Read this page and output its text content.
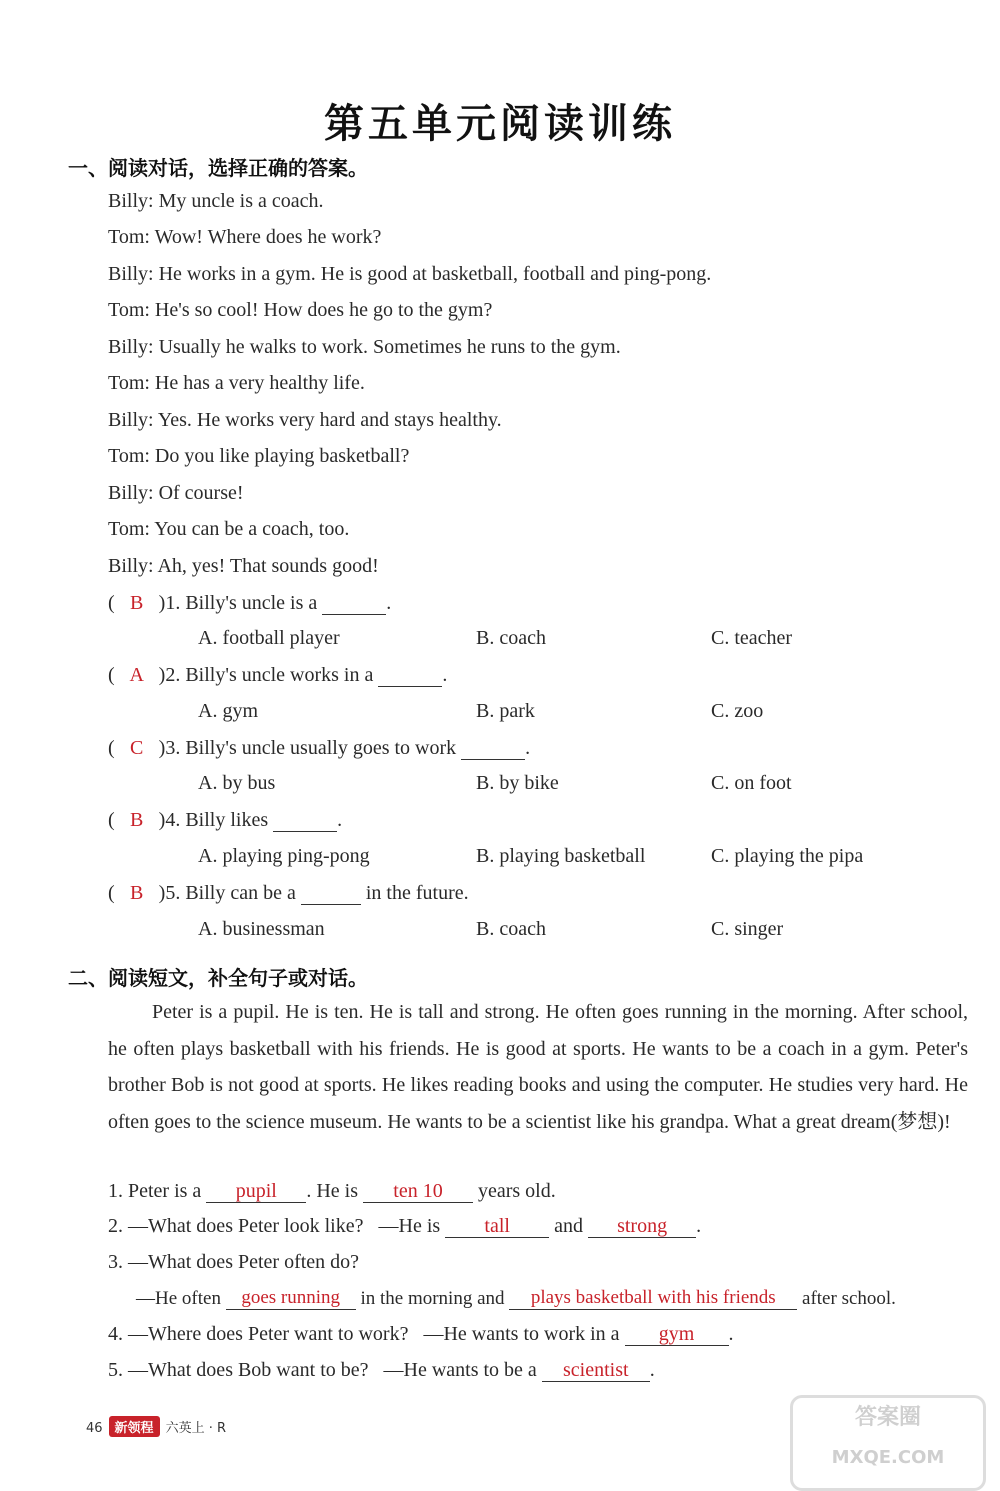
第五单元阅读训练
一、阅读对话，选择正确的答案。
Billy: My uncle is a coach.
Tom: Wow! Where does he work?
Billy: He works in a gym. He is good at basketball, football and ping-pong.
Tom: He's so cool! How does he go to the gym?
Billy: Usually he walks to work. Sometimes he runs to the gym.
Tom: He has a very healthy life.
Billy: Yes. He works very hard and stays healthy.
Tom: Do you like playing basketball?
Billy: Of course!
Tom: You can be a coach, too.
Billy: Ah, yes! That sounds good!
( B )1. Billy's uncle is a	.
A. football player	B. coach	C. teacher
( A )2. Billy's uncle works in a	.
A. gym	B. park	C. zoo
( C )3. Billy's uncle usually goes to work	.
A. by bus	B. by bike	C. on foot
( B )4. Billy likes	.
A. playing ping-pong	B. playing basketball	C. playing the pipa
( B )5. Billy can be a	in the future.
A. businessman	B. coach	C. singer
二、阅读短文，补全句子或对话。
Peter is a pupil. He is ten. He is tall and strong. He often goes running in the morning. After school, he often plays basketball with his friends. He is good at sports. He wants to be a coach in a gym. Peter's brother Bob is not good at sports. He likes reading books and using the computer. He studies very hard. He often goes to the science museum. He wants to be a scientist like his grandpa. What a great dream(梦想)!
1. Peter is a pupil . He is ten 10 years old.
2. —What does Peter look like? —He is tall and strong .
3. —What does Peter often do?
—He often goes running in the morning and plays basketball with his friends after school.
4. —Where does Peter want to work? —He wants to work in a gym .
5. —What does Bob want to be? —He wants to be a scientist .
46 新领程 六英上 · R	答案圈
MXQE.COM
